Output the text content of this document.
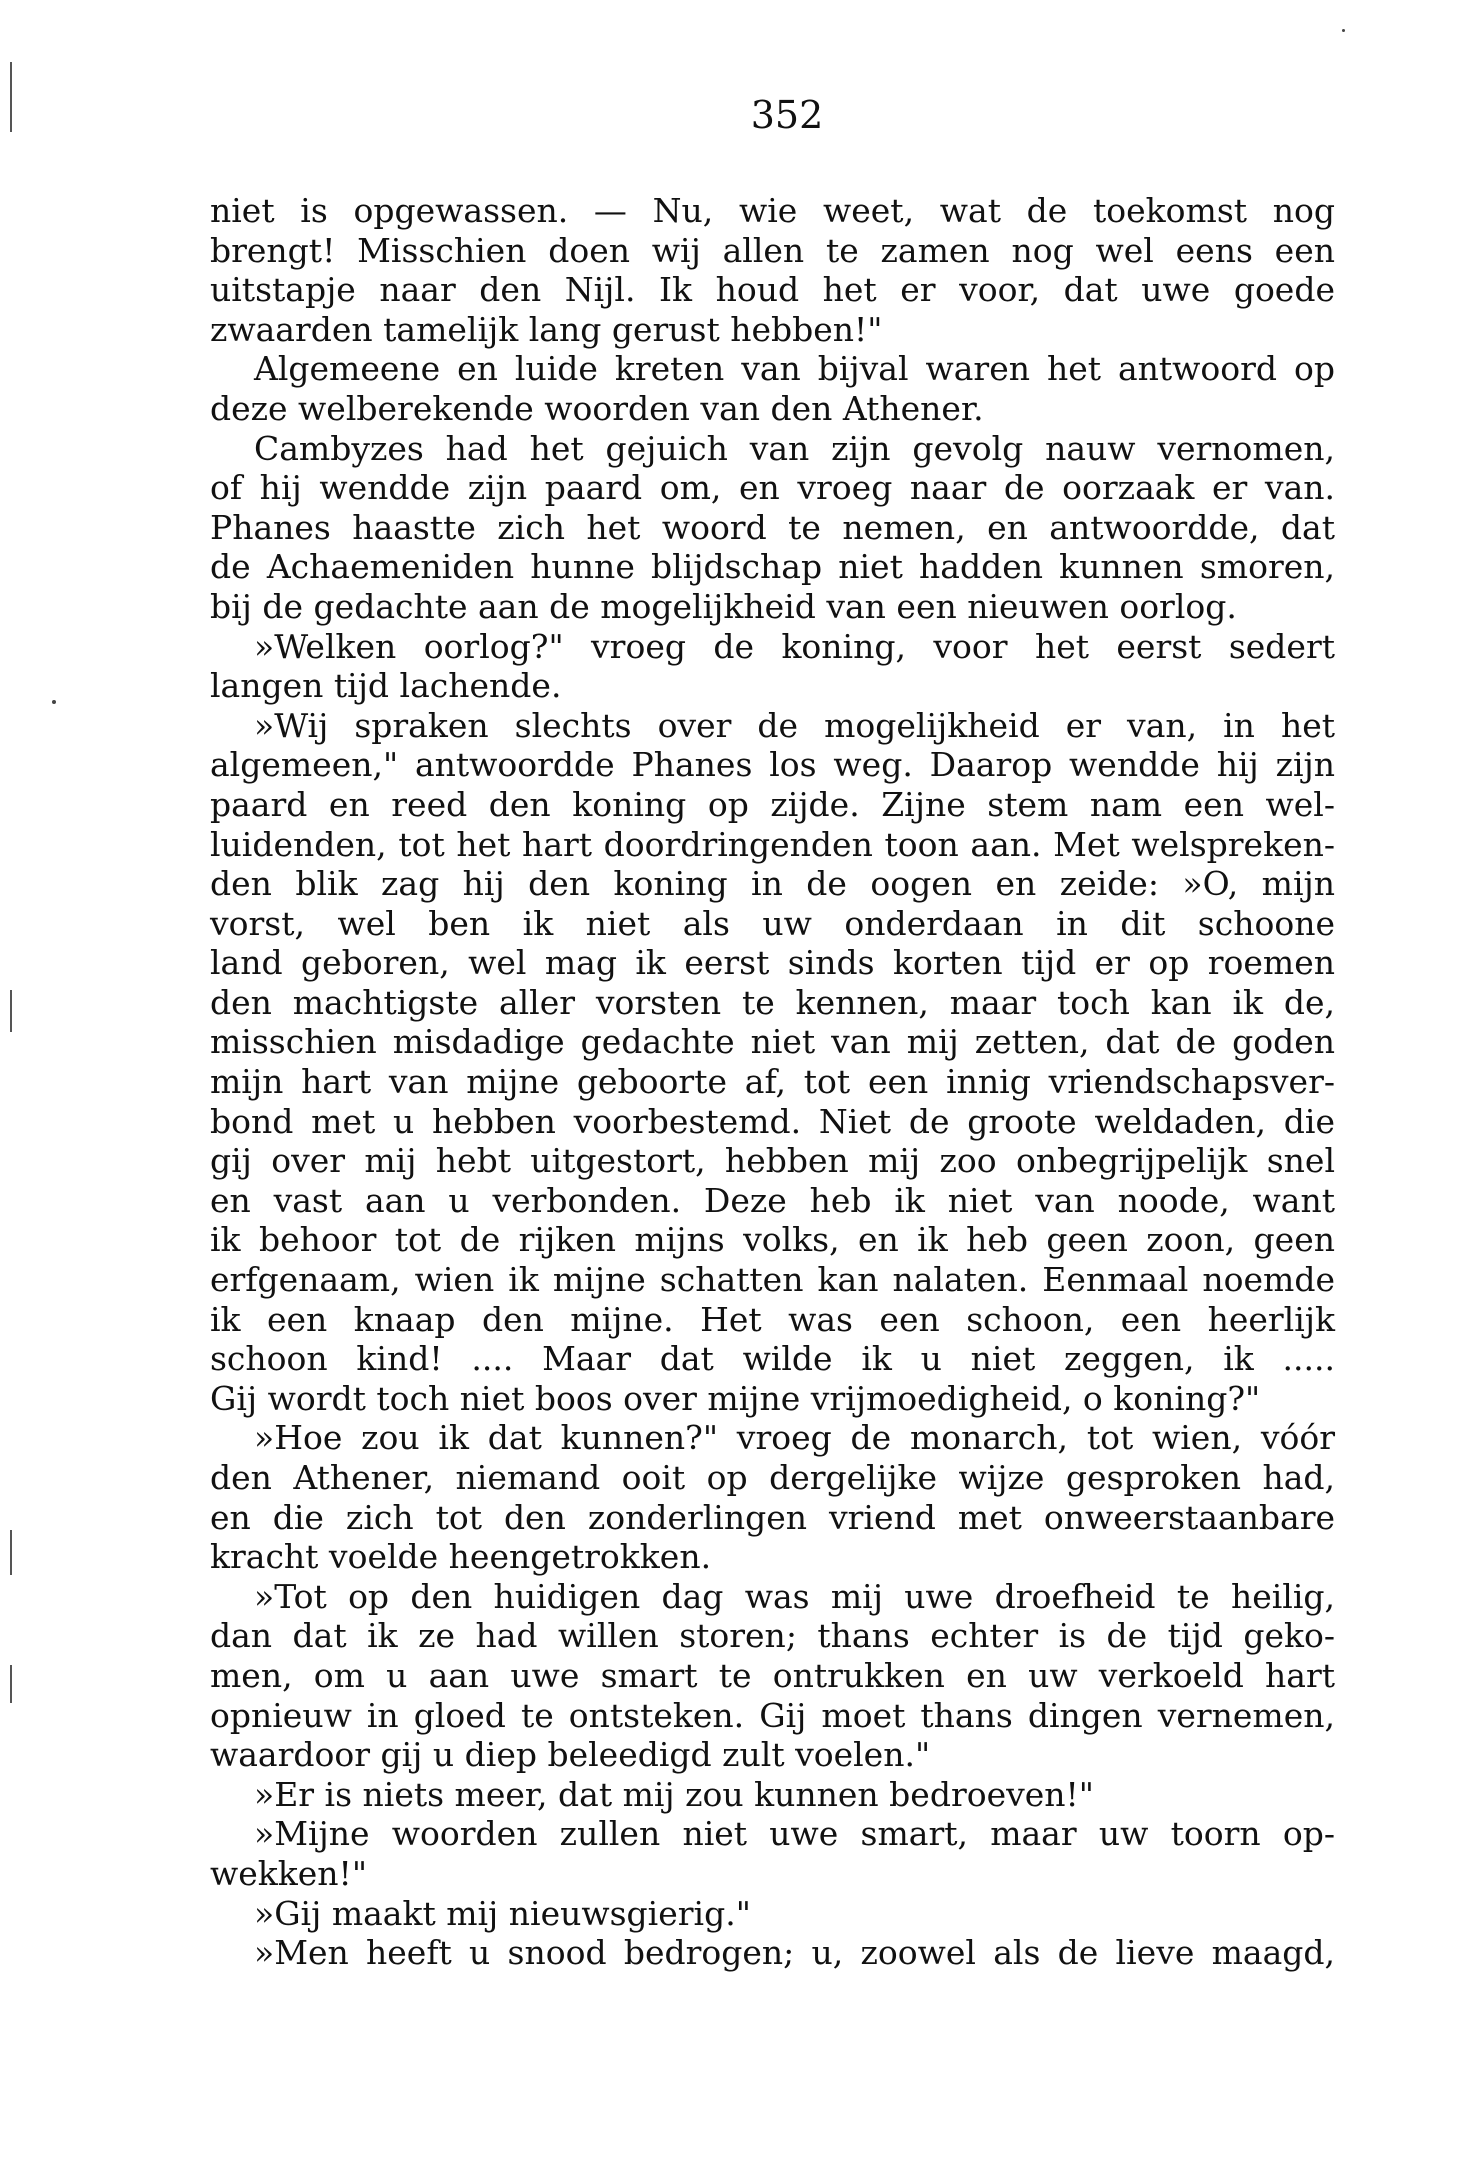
352
niet is opgewassen. — Nu, wie weet, wat de toekomst nog
brengt! Misschien doen wij allen te zamen nog wel eens een
uitstapje naar den Nijl. Ik houd het er voor, dat uwe goede
zwaarden tamelijk lang gerust hebben!"
Algemeene en luide kreten van bijval waren het antwoord op
deze welberekende woorden van den Athener.
Cambyzes had het gejuich van zijn gevolg nauw vernomen,
of hij wendde zijn paard om, en vroeg naar de oorzaak er van.
Phanes haastte zich het woord te nemen, en antwoordde, dat
de Achaemeniden hunne blijdschap niet hadden kunnen smoren,
bij de gedachte aan de mogelijkheid van een nieuwen oorlog.
»Welken oorlog?" vroeg de koning, voor het eerst sedert
langen tijd lachende.
»Wij spraken slechts over de mogelijkheid er van, in het
algemeen," antwoordde Phanes los weg. Daarop wendde hij zijn
paard en reed den koning op zijde. Zijne stem nam een wel-
luidenden, tot het hart doordringenden toon aan. Met welspreken-
den blik zag hij den koning in de oogen en zeide: »O, mijn
vorst, wel ben ik niet als uw onderdaan in dit schoone
land geboren, wel mag ik eerst sinds korten tijd er op roemen
den machtigste aller vorsten te kennen, maar toch kan ik de,
misschien misdadige gedachte niet van mij zetten, dat de goden
mijn hart van mijne geboorte af, tot een innig vriendschapsver-
bond met u hebben voorbestemd. Niet de groote weldaden, die
gij over mij hebt uitgestort, hebben mij zoo onbegrijpelijk snel
en vast aan u verbonden. Deze heb ik niet van noode, want
ik behoor tot de rijken mijns volks, en ik heb geen zoon, geen
erfgenaam, wien ik mijne schatten kan nalaten. Eenmaal noemde
ik een knaap den mijne. Het was een schoon, een heerlijk
schoon kind! .... Maar dat wilde ik u niet zeggen, ik .....
Gij wordt toch niet boos over mijne vrijmoedigheid, o koning?"
»Hoe zou ik dat kunnen?" vroeg de monarch, tot wien, vóór
den Athener, niemand ooit op dergelijke wijze gesproken had,
en die zich tot den zonderlingen vriend met onweerstaanbare
kracht voelde heengetrokken.
»Tot op den huidigen dag was mij uwe droefheid te heilig,
dan dat ik ze had willen storen; thans echter is de tijd geko-
men, om u aan uwe smart te ontrukken en uw verkoeld hart
opnieuw in gloed te ontsteken. Gij moet thans dingen vernemen,
waardoor gij u diep beleedigd zult voelen."
»Er is niets meer, dat mij zou kunnen bedroeven!"
»Mijne woorden zullen niet uwe smart, maar uw toorn op-
wekken!"
»Gij maakt mij nieuwsgierig."
»Men heeft u snood bedrogen; u, zoowel als de lieve maagd,
